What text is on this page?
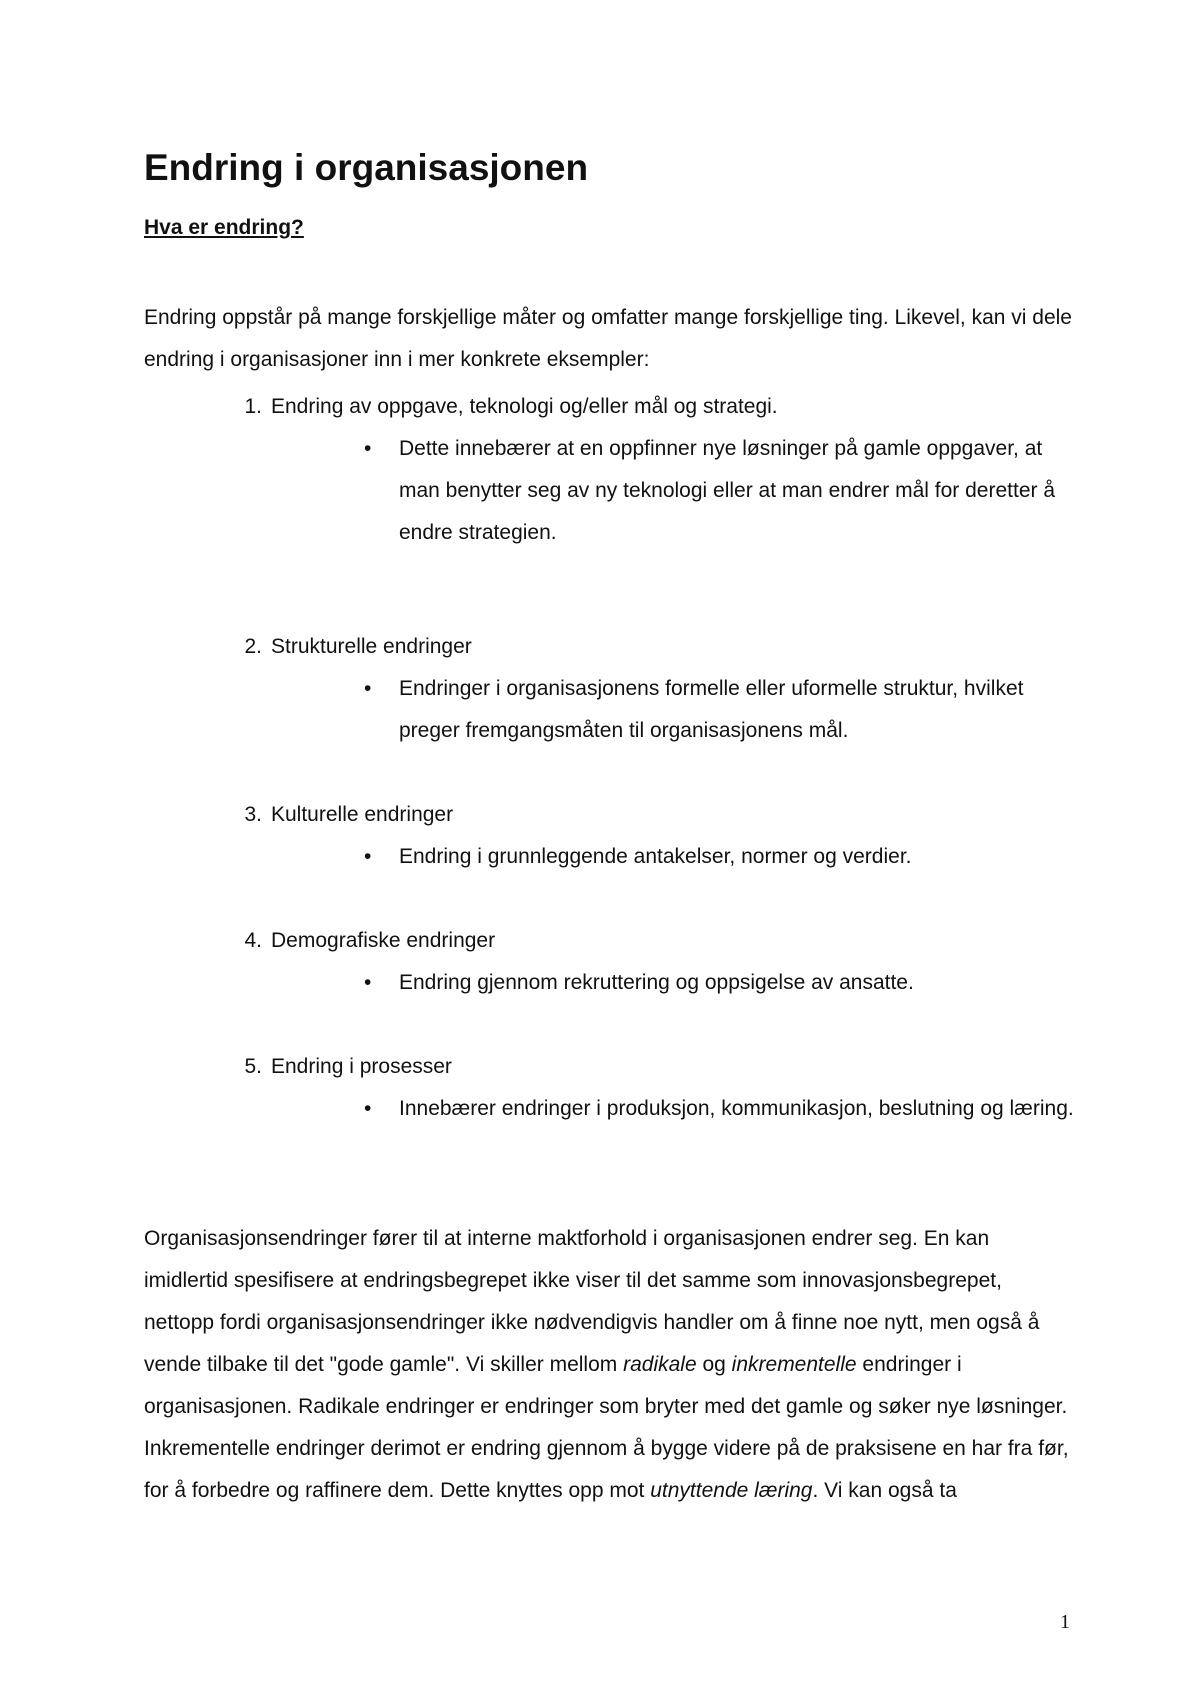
Endring i organisasjonen
Hva er endring?

Endring oppstår på mange forskjellige måter og omfatter mange forskjellige ting. Likevel, kan vi dele endring i organisasjoner inn i mer konkrete eksempler:

1. Endring av oppgave, teknologi og/eller mål og strategi.
• Dette innebærer at en oppfinner nye løsninger på gamle oppgaver, at man benytter seg av ny teknologi eller at man endrer mål for deretter å endre strategien.
2. Strukturelle endringer
• Endringer i organisasjonens formelle eller uformelle struktur, hvilket preger fremgangsmåten til organisasjonens mål.
3. Kulturelle endringer
• Endring i grunnleggende antakelser, normer og verdier.
4. Demografiske endringer
• Endring gjennom rekruttering og oppsigelse av ansatte.
5. Endring i prosesser
• Innebærer endringer i produksjon, kommunikasjon, beslutning og læring.

Organisasjonsendringer fører til at interne maktforhold i organisasjonen endrer seg. En kan imidlertid spesifisere at endringsbegrepet ikke viser til det samme som innovasjonsbegrepet, nettopp fordi organisasjonsendringer ikke nødvendigvis handler om å finne noe nytt, men også å vende tilbake til det "gode gamle". Vi skiller mellom radikale og inkrementelle endringer i organisasjonen. Radikale endringer er endringer som bryter med det gamle og søker nye løsninger. Inkrementelle endringer derimot er endring gjennom å bygge videre på de praksisene en har fra før, for å forbedre og raffinere dem. Dette knyttes opp mot utnyttende læring. Vi kan også ta

1
